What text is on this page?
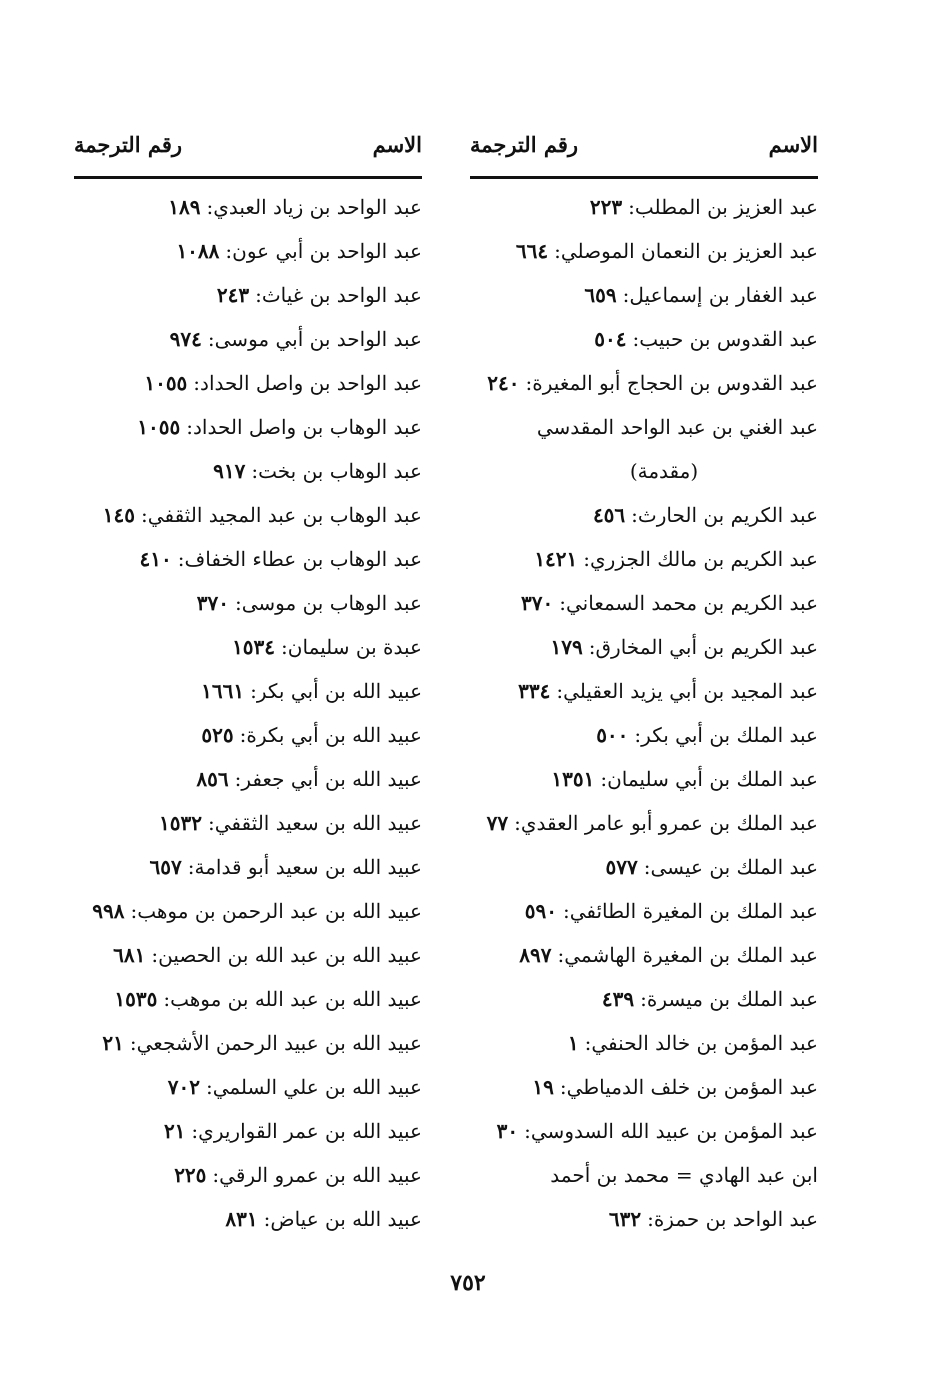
الاسم
رقم الترجمة
عبد العزيز بن المطلب:٢٢٣
عبد العزيز بن النعمان الموصلي:٦٦٤
عبد الغفار بن إسماعيل:٦٥٩
عبد القدوس بن حبيب:٥٠٤
عبد القدوس بن الحجاج أبو المغيرة:٢٤٠
عبد الغني بن عبد الواحد المقدسي
(مقدمة)
عبد الكريم بن الحارث:٤٥٦
عبد الكريم بن مالك الجزري:١٤٢١
عبد الكريم بن محمد السمعاني:٣٧٠
عبد الكريم بن أبي المخارق:١٧٩
عبد المجيد بن أبي يزيد العقيلي:٣٣٤
عبد الملك بن أبي بكر:٥٠٠
عبد الملك بن أبي سليمان:١٣٥١
عبد الملك بن عمرو أبو عامر العقدي:٧٧
عبد الملك بن عيسى:٥٧٧
عبد الملك بن المغيرة الطائفي:٥٩٠
عبد الملك بن المغيرة الهاشمي:٨٩٧
عبد الملك بن ميسرة:٤٣٩
عبد المؤمن بن خالد الحنفي:١
عبد المؤمن بن خلف الدمياطي:١٩
عبد المؤمن بن عبيد الله السدوسي:٣٠
ابن عبد الهادي = محمد بن أحمد
عبد الواحد بن حمزة:٦٣٢
الاسم
رقم الترجمة
عبد الواحد بن زياد العبدي:١٨٩
عبد الواحد بن أبي عون:١٠٨٨
عبد الواحد بن غياث:٢٤٣
عبد الواحد بن أبي موسى:٩٧٤
عبد الواحد بن واصل الحداد:١٠٥٥
عبد الوهاب بن واصل الحداد:١٠٥٥
عبد الوهاب بن بخت:٩١٧
عبد الوهاب بن عبد المجيد الثقفي:١٤٥
عبد الوهاب بن عطاء الخفاف:٤١٠
عبد الوهاب بن موسى:٣٧٠
عبدة بن سليمان:١٥٣٤
عبيد الله بن أبي بكر:١٦٦١
عبيد الله بن أبي بكرة:٥٢٥
عبيد الله بن أبي جعفر:٨٥٦
عبيد الله بن سعيد الثقفي:١٥٣٢
عبيد الله بن سعيد أبو قدامة:٦٥٧
عبيد الله بن عبد الرحمن بن موهب:٩٩٨
عبيد الله بن عبد الله بن الحصين:٦٨١
عبيد الله بن عبد الله بن موهب:١٥٣٥
عبيد الله بن عبيد الرحمن الأشجعي:٢١
عبيد الله بن علي السلمي:٧٠٢
عبيد الله بن عمر القواريري:٢١
عبيد الله بن عمرو الرقي:٢٢٥
عبيد الله بن عياض:٨٣١
٧٥٢
